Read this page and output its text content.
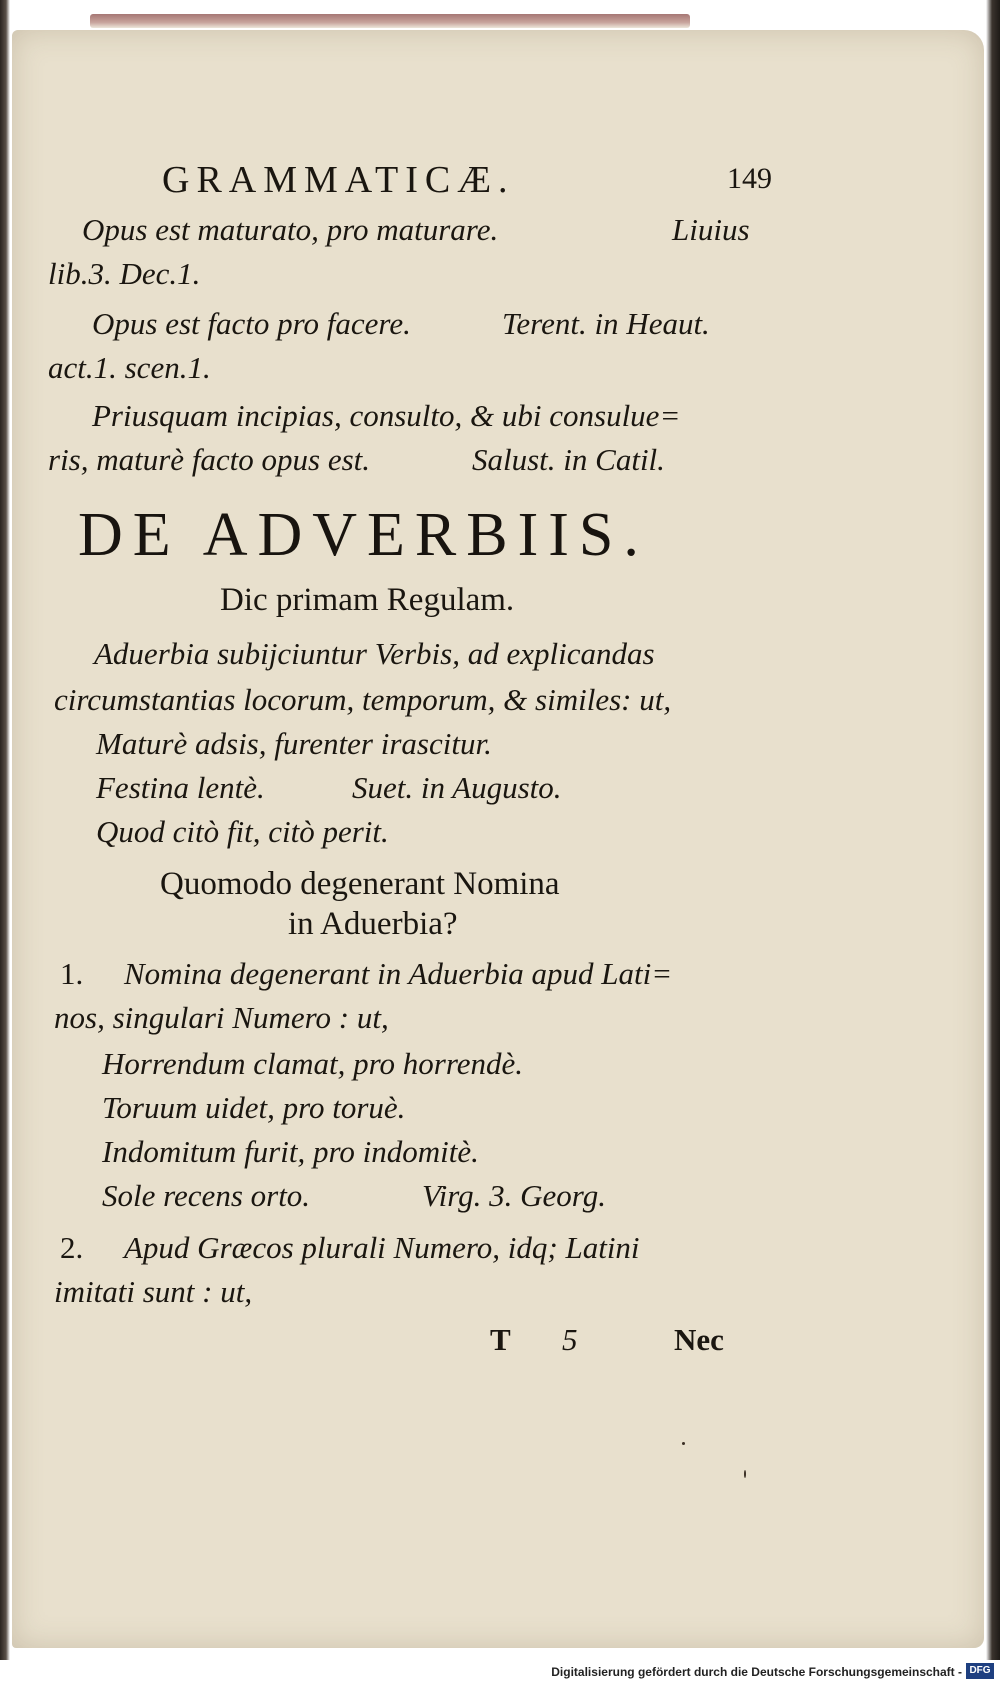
GRAMMATICÆ.	149
Opus est maturato, pro maturare.	Liuius
lib.3. Dec.1.
Opus est facto pro facere.	Terent. in Heaut.
act.1. scen.1.
Priusquam incipias, consulto, & ubi consulue=
ris, maturè facto opus est.	Salust. in Catil.
DE ADVERBIIS.
Dic primam Regulam.
Aduerbia subijciuntur Verbis, ad explicandas
circumstantias locorum, temporum, & similes: ut,
Maturè adsis, furenter irascitur.
Festina lentè.	Suet. in Augusto.
Quod citò fit, citò perit.
Quomodo degenerant Nomina
in Aduerbia?
1. Nomina degenerant in Aduerbia apud Lati=
nos, singulari Numero : ut,
Horrendum clamat, pro horrendè.
Toruum uidet, pro toruè.
Indomitum furit, pro indomitè.
Sole recens orto.	Virg. 3. Georg.
2. Apud Græcos plurali Numero, idq; Latini
imitati sunt : ut,
T 5	Nec
Digitalisierung gefördert durch die Deutsche Forschungsgemeinschaft - DFG
